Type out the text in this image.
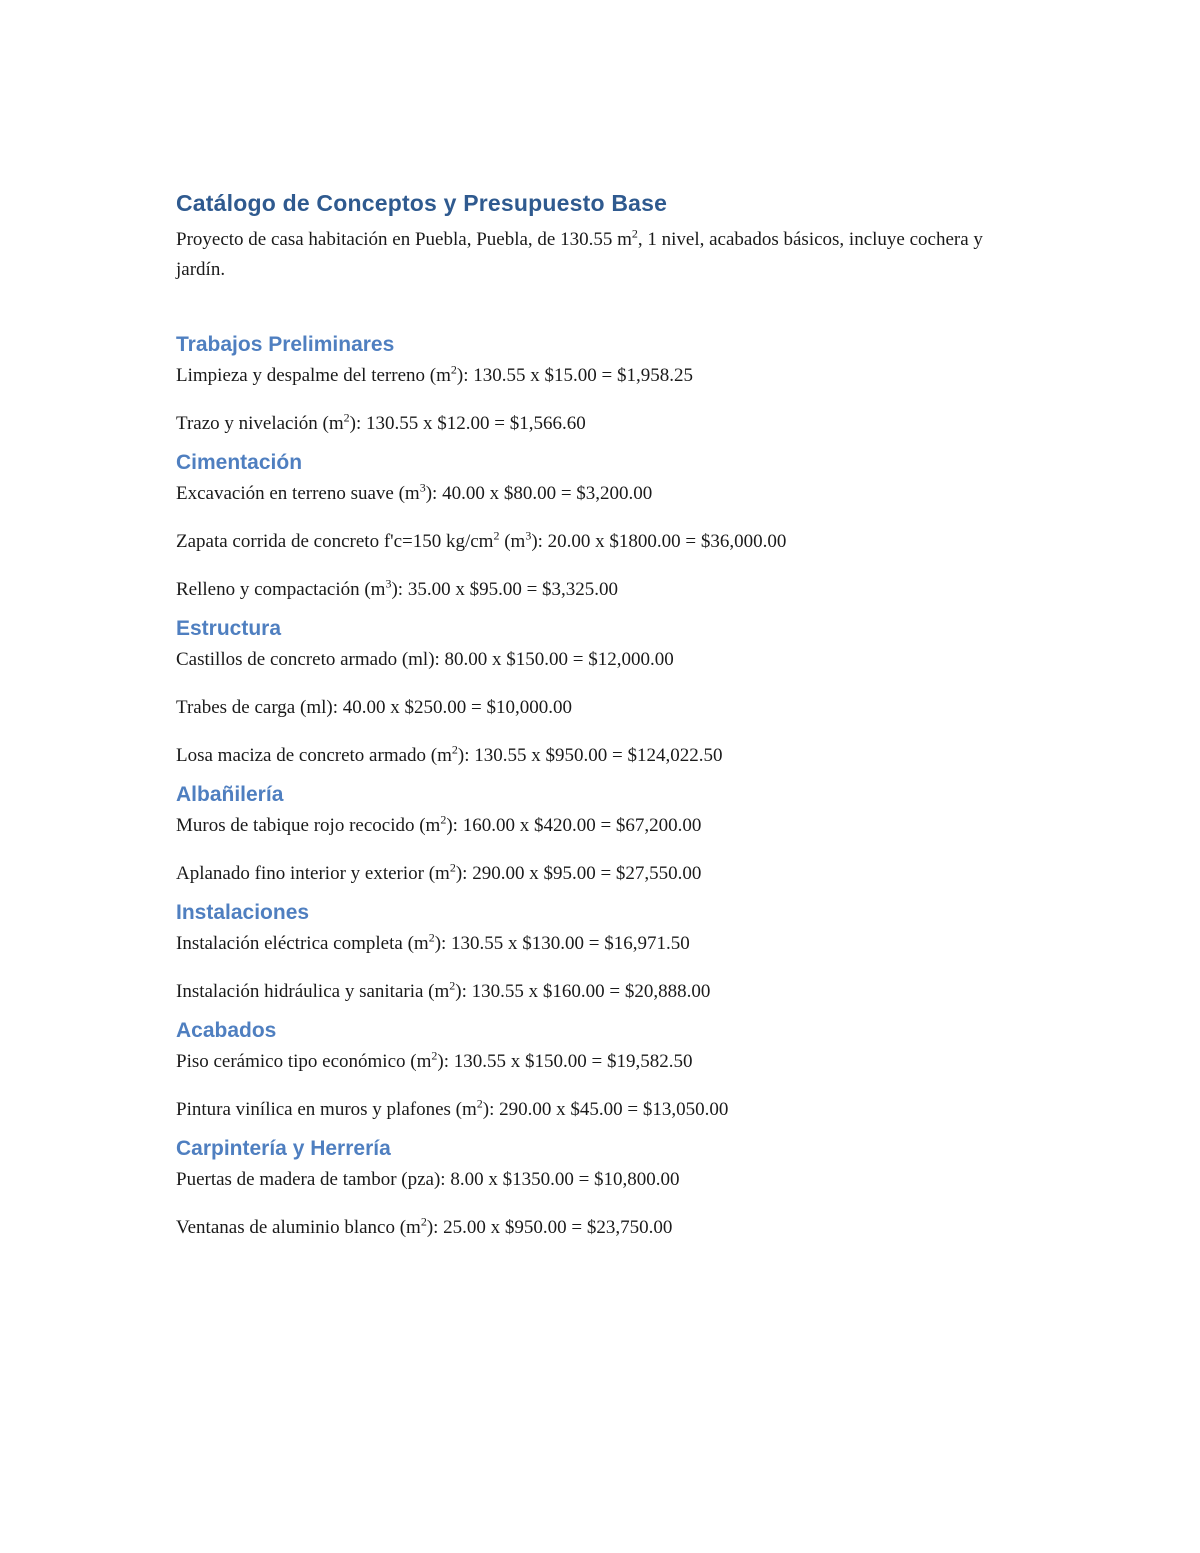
Catálogo de Conceptos y Presupuesto Base

Proyecto de casa habitación en Puebla, Puebla, de 130.55 $m^2$, 1 nivel, acabados básicos, incluye cochera y jardín.

Trabajos Preliminares

Limpieza y despalme del terreno $(m^2)$: 130.55 x $15.00 = $1,958.25

Trazo y nivelación $(m^2)$: 130.55 x $12.00 = $1,566.60

Cimentación

Excavación en terreno suave $(m^3)$: 40.00 x $80.00 = $3,200.00

Zapata corrida de concreto f'c=150 $kg/cm^2$ $(m^3)$: 20.00 x $1800.00 = $36,000.00

Relleno y compactación $(m^3)$: 35.00 x $95.00 = $3,325.00

Estructura

Castillos de concreto armado (ml): 80.00 x $150.00 = $12,000.00

Trabes de carga (ml): 40.00 x $250.00 = $10,000.00

Losa maciza de concreto armado $(m^2)$: 130.55 x $950.00 = $124,022.50

Albañilería

Muros de tabique rojo recocido $(m^2)$: 160.00 x $420.00 = $67,200.00

Aplanado fino interior y exterior $(m^2)$: 290.00 x $95.00 = $27,550.00

Instalaciones

Instalación eléctrica completa $(m^2)$: 130.55 x $130.00 = $16,971.50

Instalación hidráulica y sanitaria $(m^2)$: 130.55 x $160.00 = $20,888.00

Acabados

Piso cerámico tipo económico $(m^2)$: 130.55 x $150.00 = $19,582.50

Pintura vinílica en muros y plafones $(m^2)$: 290.00 x $45.00 = $13,050.00

Carpintería y Herrería

Puertas de madera de tambor (pza): 8.00 x $1350.00 = $10,800.00

Ventanas de aluminio blanco $(m^2)$: 25.00 x $950.00 = $23,750.00
